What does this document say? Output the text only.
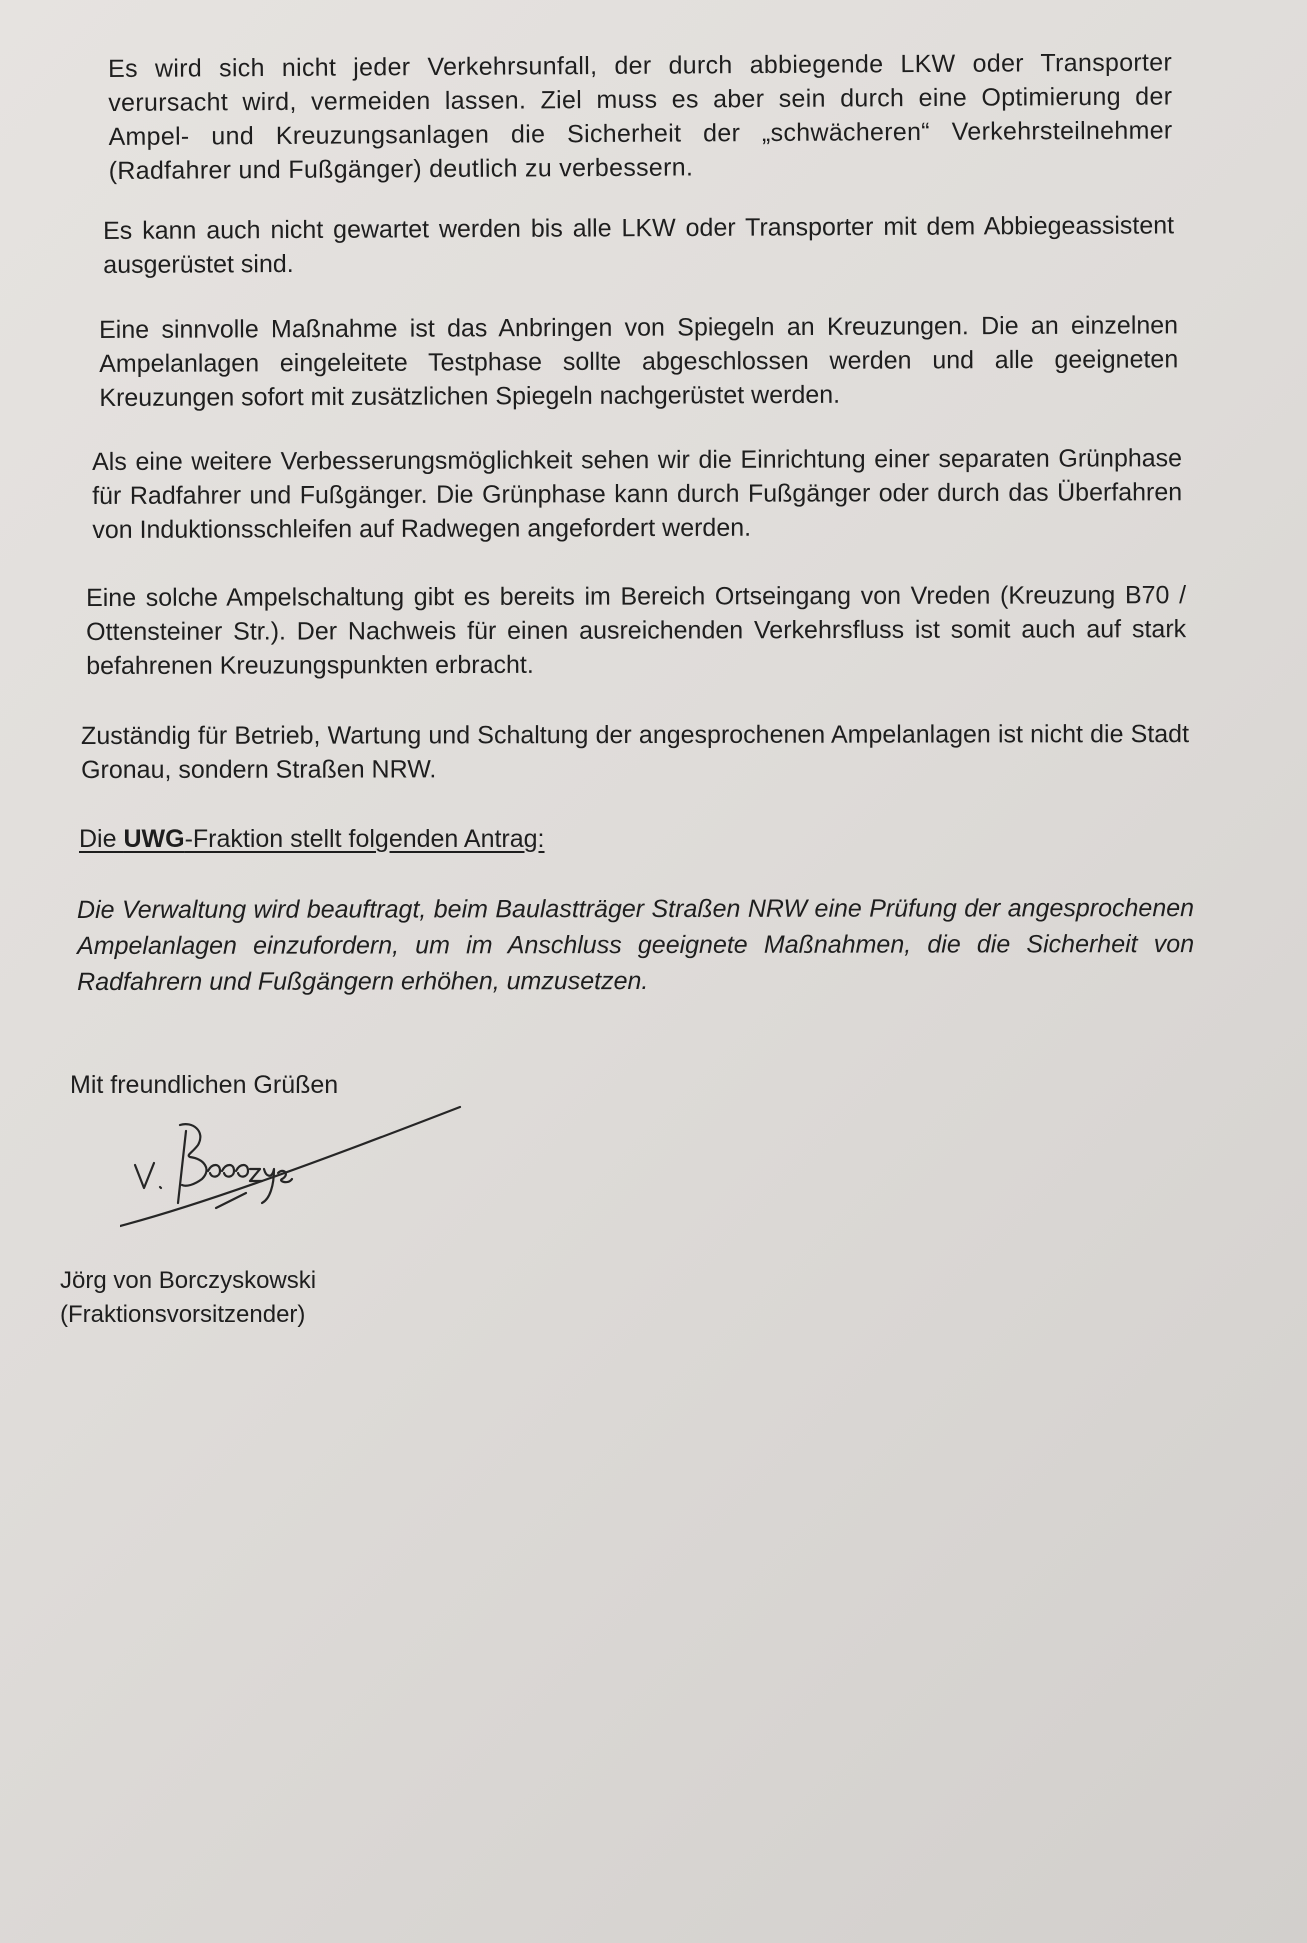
Es wird sich nicht jeder Verkehrsunfall, der durch abbiegende LKW oder Transporter verursacht wird, vermeiden lassen. Ziel muss es aber sein durch eine Optimierung der Ampel- und Kreuzungsanlagen die Sicherheit der „schwächeren“ Verkehrsteilnehmer (Radfahrer und Fußgänger) deutlich zu verbessern.

Es kann auch nicht gewartet werden bis alle LKW oder Transporter mit dem Abbiegeassistent ausgerüstet sind.

Eine sinnvolle Maßnahme ist das Anbringen von Spiegeln an Kreuzungen. Die an einzelnen Ampelanlagen eingeleitete Testphase sollte abgeschlossen werden und alle geeigneten Kreuzungen sofort mit zusätzlichen Spiegeln nachgerüstet werden.

Als eine weitere Verbesserungsmöglichkeit sehen wir die Einrichtung einer separaten Grünphase für Radfahrer und Fußgänger. Die Grünphase kann durch Fußgänger oder durch das Überfahren von Induktionsschleifen auf Radwegen angefordert werden.

Eine solche Ampelschaltung gibt es bereits im Bereich Ortseingang von Vreden (Kreuzung B70 / Ottensteiner Str.). Der Nachweis für einen ausreichenden Verkehrsfluss ist somit auch auf stark befahrenen Kreuzungspunkten erbracht.

Zuständig für Betrieb, Wartung und Schaltung der angesprochenen Ampelanlagen ist nicht die Stadt Gronau, sondern Straßen NRW.

Die UWG-Fraktion stellt folgenden Antrag:

Die Verwaltung wird beauftragt, beim Baulastträger Straßen NRW eine Prüfung der angesprochenen Ampelanlagen einzufordern, um im Anschluss geeignete Maßnahmen, die die Sicherheit von Radfahrern und Fußgängern erhöhen, umzusetzen.

Mit freundlichen Grüßen

Jörg von Borczyskowski

(Fraktionsvorsitzender)
